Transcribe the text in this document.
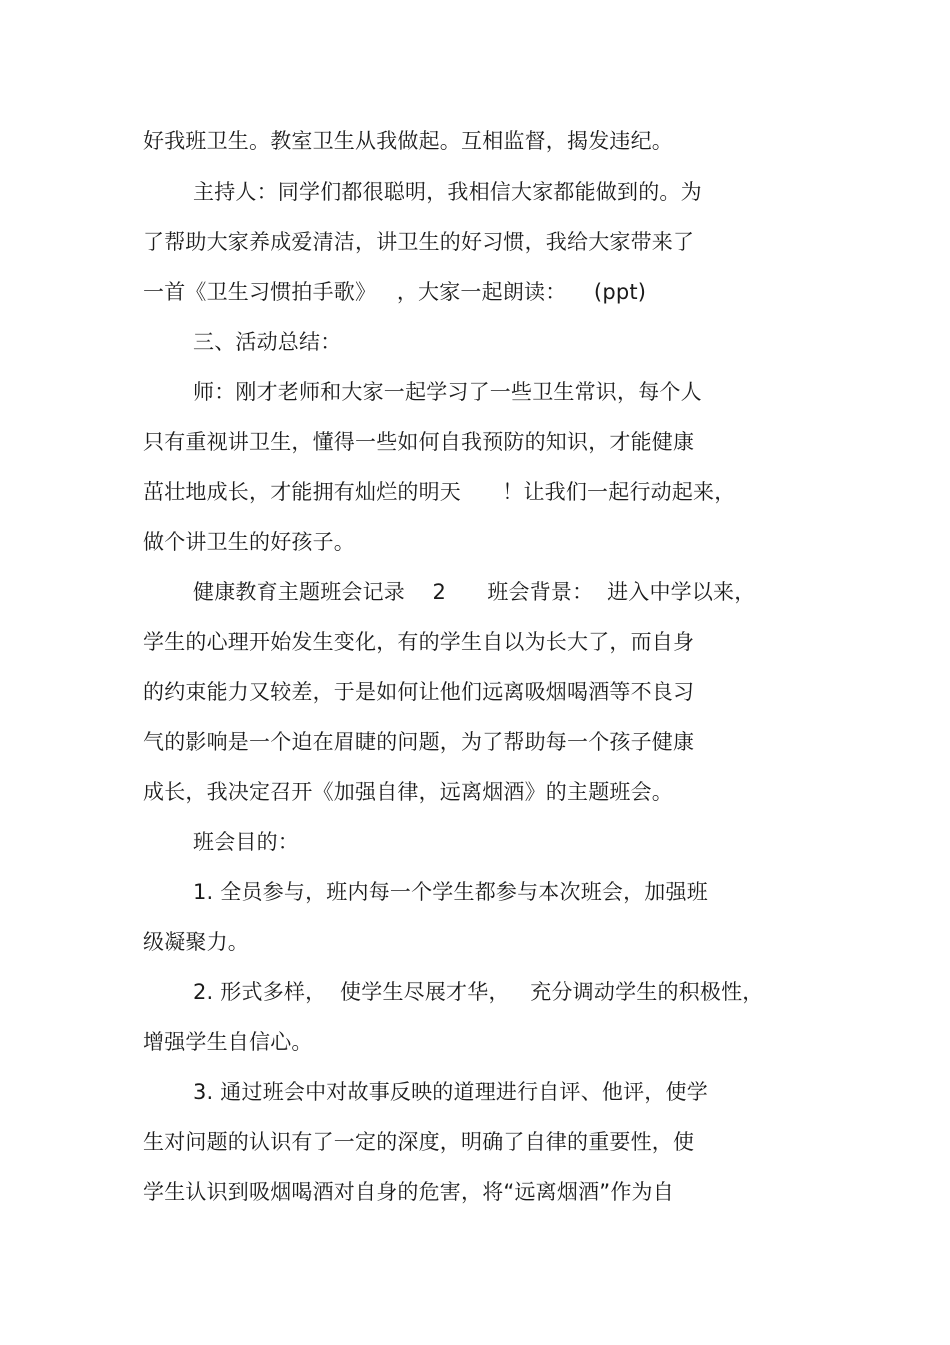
好我班卫生。教室卫生从我做起。互相监督，揭发违纪。
主持人：同学们都很聪明，我相信大家都能做到的。为
了帮助大家养成爱清洁，讲卫生的好习惯，我给大家带来了
一首《卫生习惯拍手歌》   ，大家一起朗读：    (ppt)
三、活动总结：
师：刚才老师和大家一起学习了一些卫生常识，每个人
只有重视讲卫生，懂得一些如何自我预防的知识，才能健康
茁壮地成长，才能拥有灿烂的明天      ！让我们一起行动起来，
做个讲卫生的好孩子。
健康教育主题班会记录    2      班会背景：  进入中学以来，
学生的心理开始发生变化，有的学生自以为长大了，而自身
的约束能力又较差，于是如何让他们远离吸烟喝酒等不良习
气的影响是一个迫在眉睫的问题，为了帮助每一个孩子健康
成长，我决定召开《加强自律，远离烟酒》的主题班会。
班会目的：
1. 全员参与，班内每一个学生都参与本次班会，加强班
级凝聚力。
2. 形式多样，  使学生尽展才华，   充分调动学生的积极性，
增强学生自信心。
3. 通过班会中对故事反映的道理进行自评、他评，使学
生对问题的认识有了一定的深度，明确了自律的重要性，使
学生认识到吸烟喝酒对自身的危害，将“远离烟酒”作为自
